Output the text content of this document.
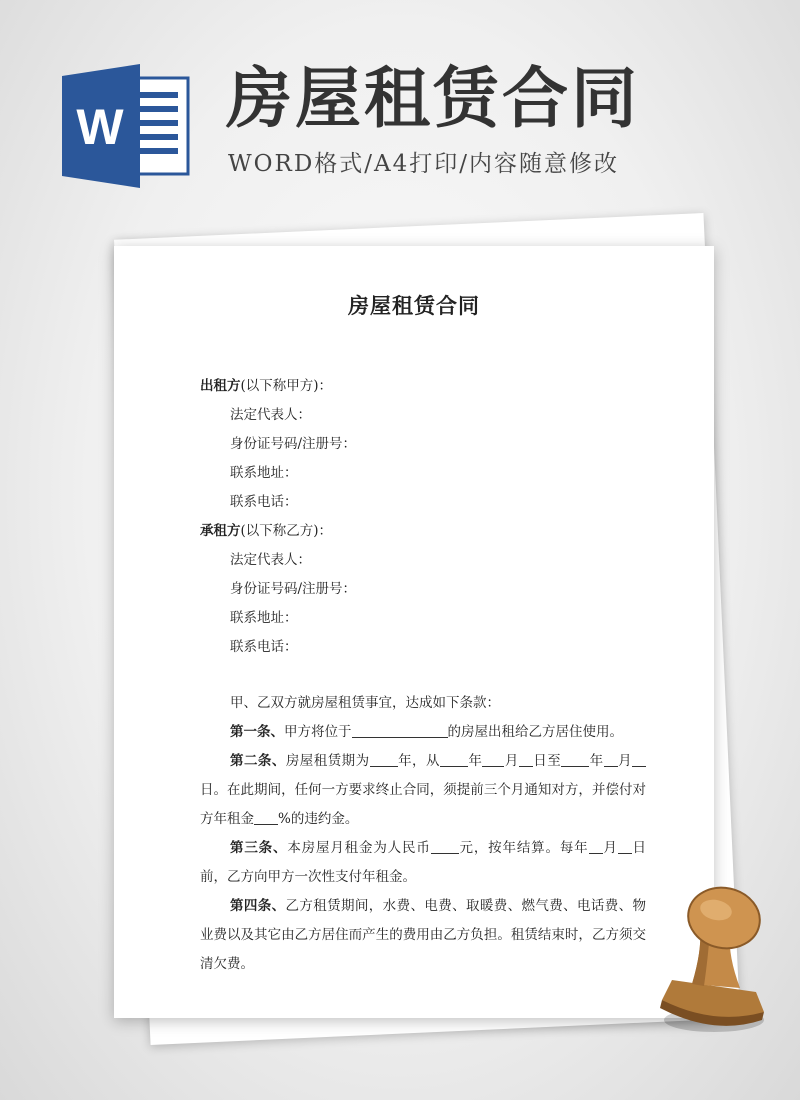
W 房屋租赁合同

WORD格式/A4打印/内容随意修改

房屋租赁合同
出租方(以下称甲方)：
法定代表人：
身份证号码/注册号：
联系地址：
联系电话：
承租方(以下称乙方)：
法定代表人：
身份证号码/注册号：
联系地址：
联系电话：

甲、乙双方就房屋租赁事宜，达成如下条款：

第一条、甲方将位于	的房屋出租给乙方居住使用。

第二条、房屋租赁期为 年，从 年 月 日至 年 月日。在此期间，任何一方要求终止合同，须提前三个月通知对方，并偿付对方年租金 %的违约金。

第三条、本房屋月租金为人民币 元，按年结算。每年 月 日前，乙方向甲方一次性支付年租金。

第四条、乙方租赁期间，水费、电费、取暖费、燃气费、电话费、物业费以及其它由乙方居住而产生的费用由乙方负担。租赁结束时，乙方须交清欠费。
